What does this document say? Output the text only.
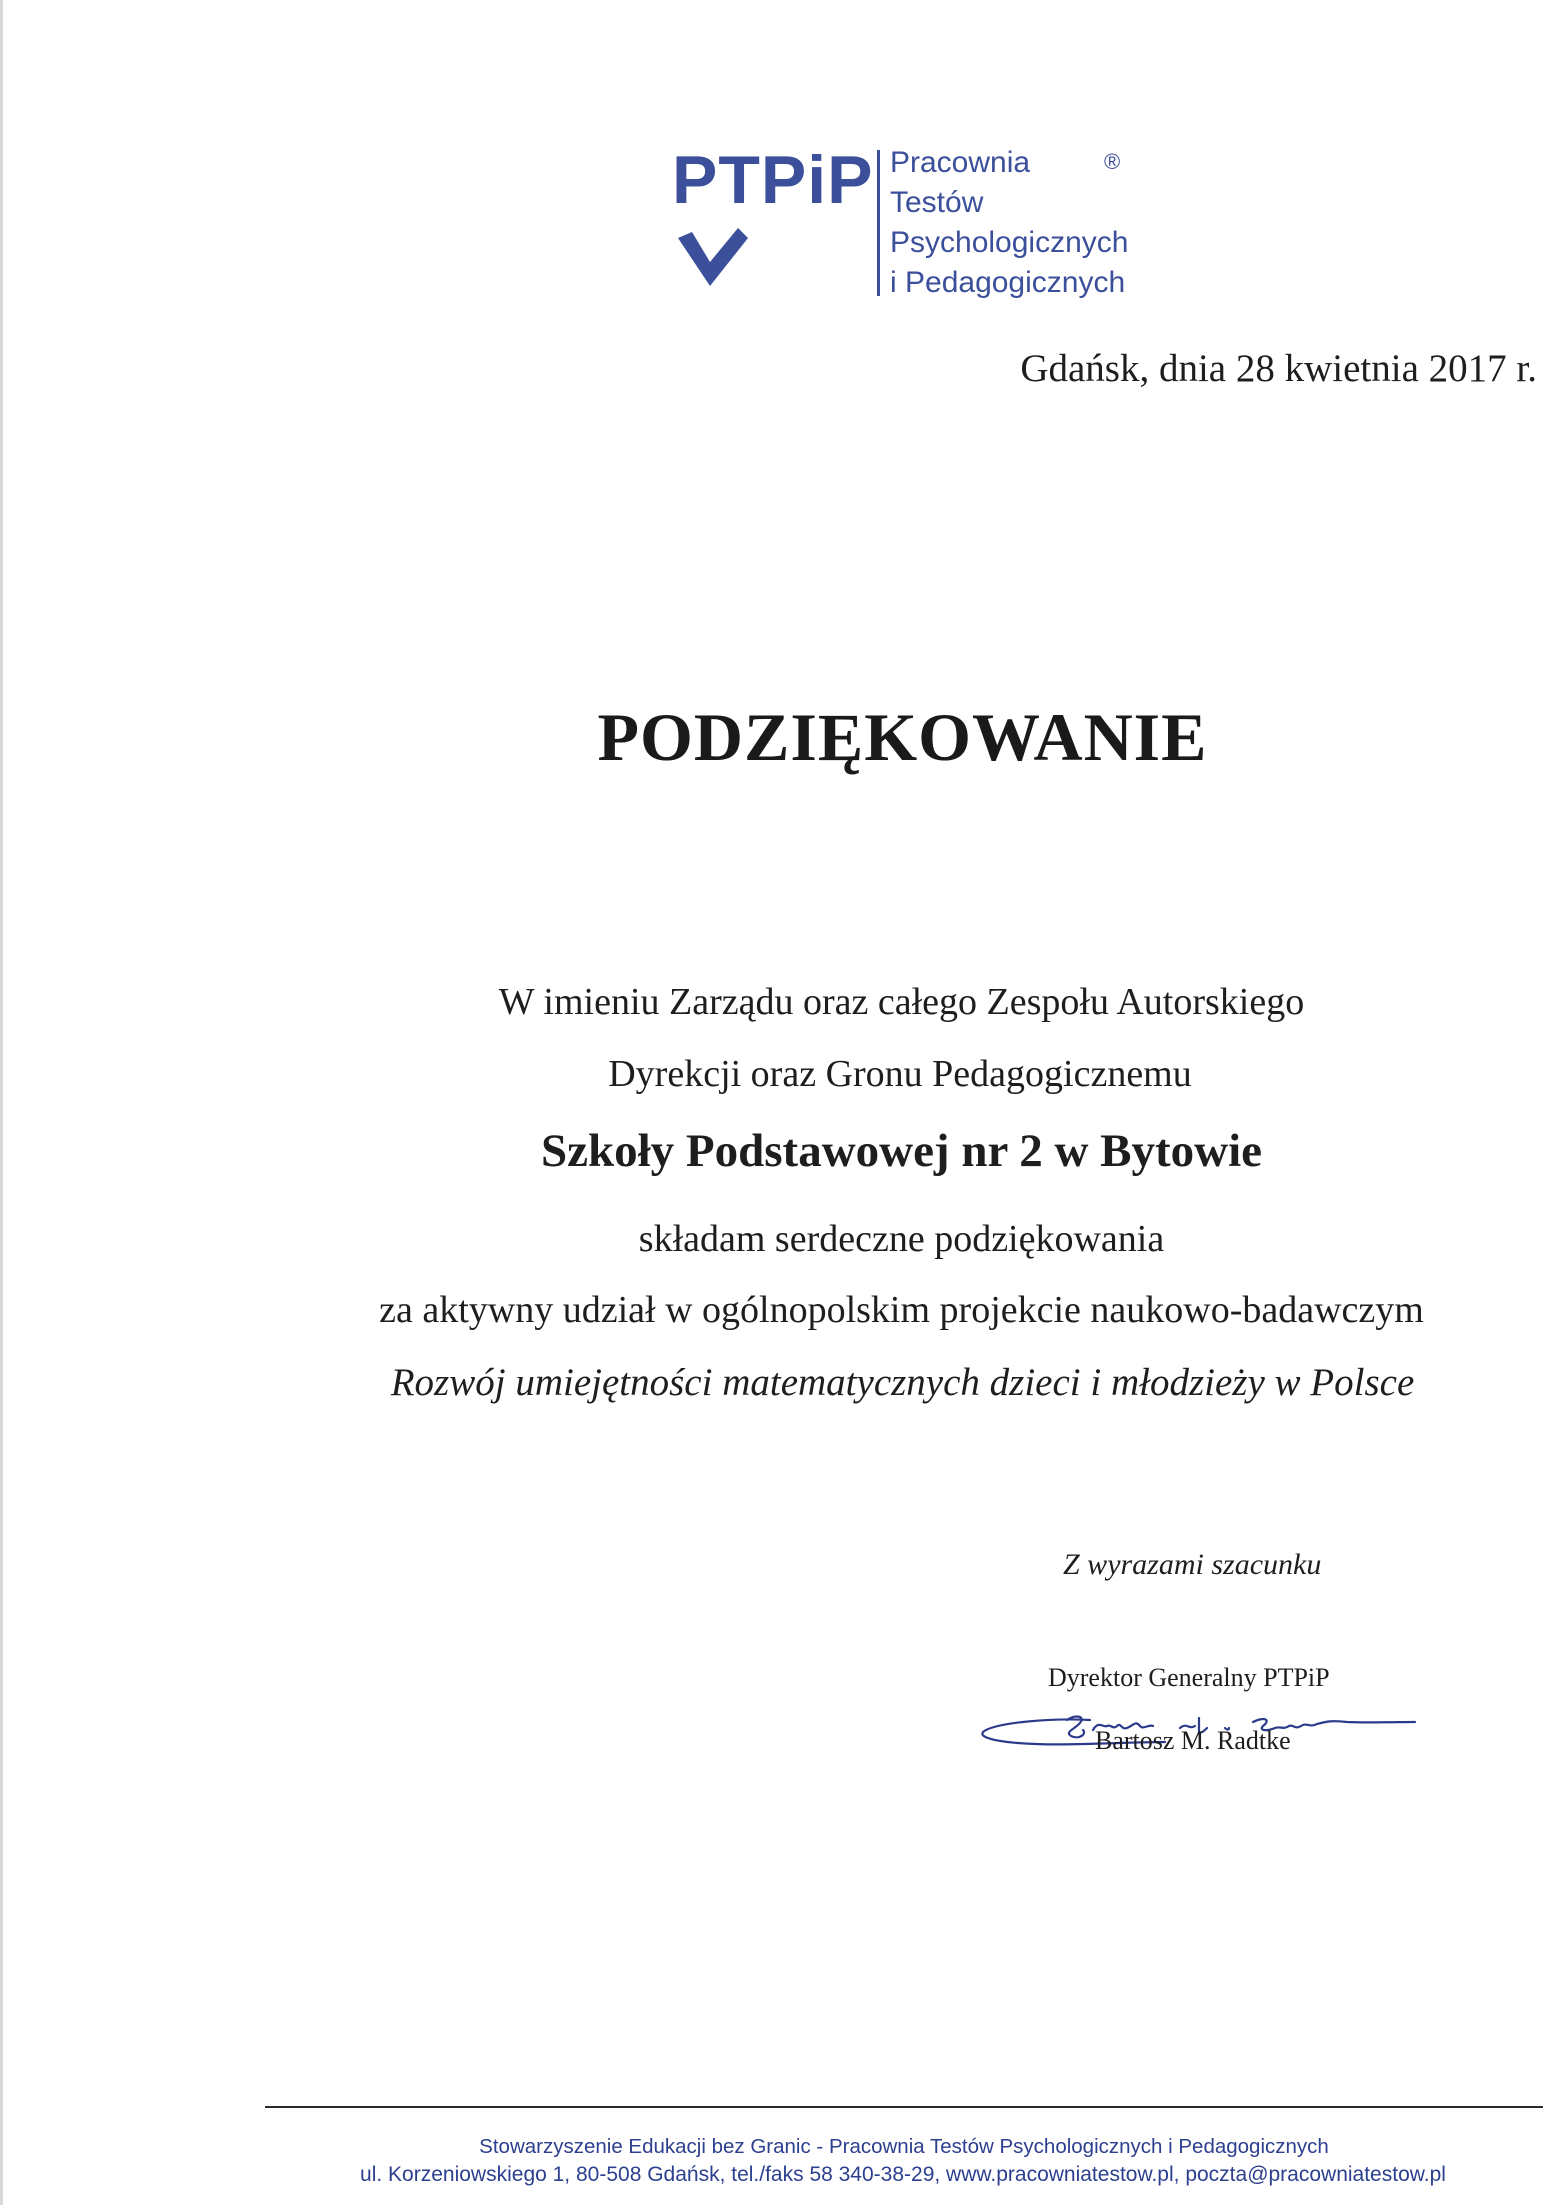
PTPiP Pracownia
Testów
Psychologicznych
i Pedagogicznych
®
Gdańsk, dnia 28 kwietnia 2017 r.
PODZIĘKOWANIE
W imieniu Zarządu oraz całego Zespołu Autorskiego
Dyrekcji oraz Gronu Pedagogicznemu
Szkoły Podstawowej nr 2 w Bytowie
składam serdeczne podziękowania
za aktywny udział w ogólnopolskim projekcie naukowo-badawczym
Rozwój umiejętności matematycznych dzieci i młodzieży w Polsce
Z wyrazami szacunku
Dyrektor Generalny PTPiP
Bartosz M. Radtke
Stowarzyszenie Edukacji bez Granic - Pracownia Testów Psychologicznych i Pedagogicznych
ul. Korzeniowskiego 1, 80-508 Gdańsk, tel./faks 58 340-38-29, www.pracowniatestow.pl, poczta@pracowniatestow.pl
